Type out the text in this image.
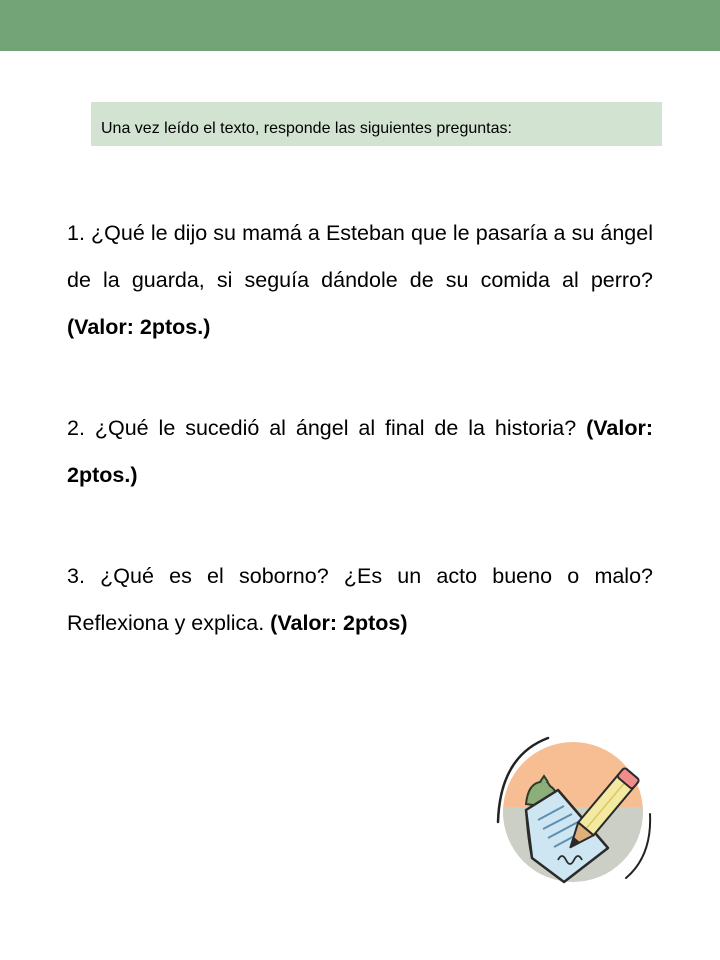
Una vez leído el texto, responde las siguientes preguntas:

1. ¿Qué le dijo su mamá a Esteban que le pasaría a su ángel de la guarda, si seguía dándole de su comida al perro? (Valor: 2ptos.)

2. ¿Qué le sucedió al ángel al final de la historia? (Valor: 2ptos.)

3. ¿Qué es el soborno? ¿Es un acto bueno o malo? Reflexiona y explica. (Valor: 2ptos)
